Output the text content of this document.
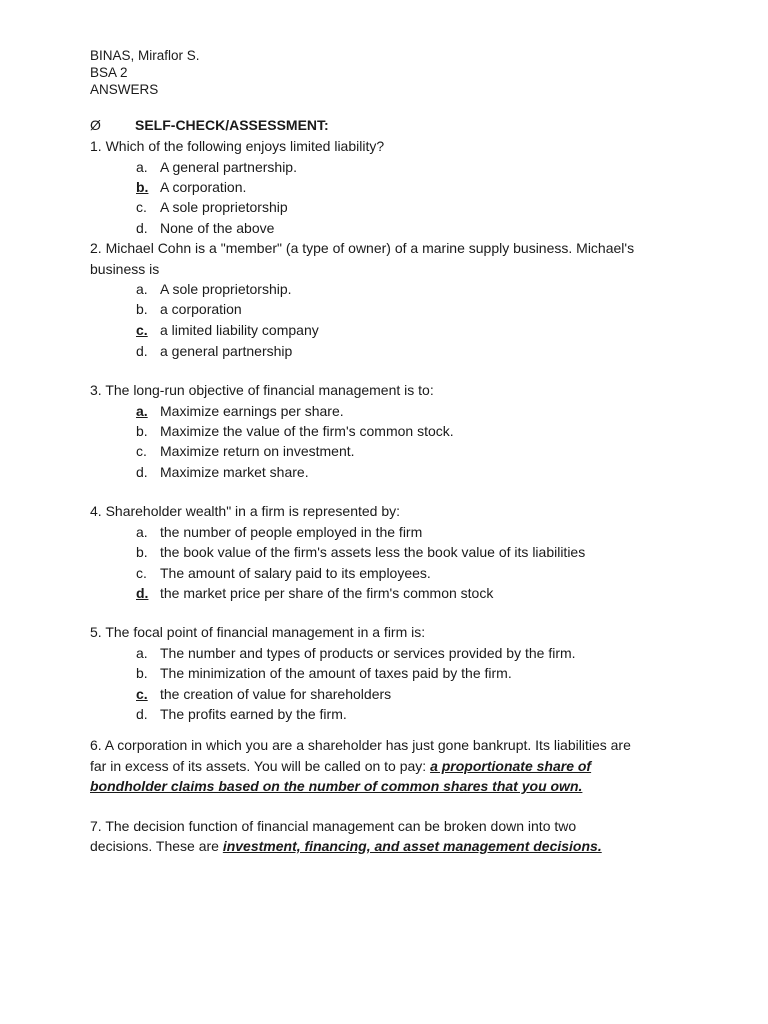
BINAS, Miraflor S.
BSA 2
ANSWERS
Ø SELF-CHECK/ASSESSMENT:
1. Which of the following enjoys limited liability?
a. A general partnership.
b. A corporation.
c. A sole proprietorship
d. None of the above
2. Michael Cohn is a "member" (a type of owner) of a marine supply business. Michael's
business is
a. A sole proprietorship.
b. a corporation
c. a limited liability company
d. a general partnership
3. The long-run objective of financial management is to:
a. Maximize earnings per share.
b. Maximize the value of the firm's common stock.
c. Maximize return on investment.
d. Maximize market share.
4. Shareholder wealth" in a firm is represented by:
a. the number of people employed in the firm
b. the book value of the firm's assets less the book value of its liabilities
c. The amount of salary paid to its employees.
d. the market price per share of the firm's common stock
5. The focal point of financial management in a firm is:
a. The number and types of products or services provided by the firm.
b. The minimization of the amount of taxes paid by the firm.
c. the creation of value for shareholders
d. The profits earned by the firm.
6. A corporation in which you are a shareholder has just gone bankrupt. Its liabilities are
far in excess of its assets. You will be called on to pay: a proportionate share of
bondholder claims based on the number of common shares that you own.
7. The decision function of financial management can be broken down into two
decisions. These are investment, financing, and asset management decisions.
